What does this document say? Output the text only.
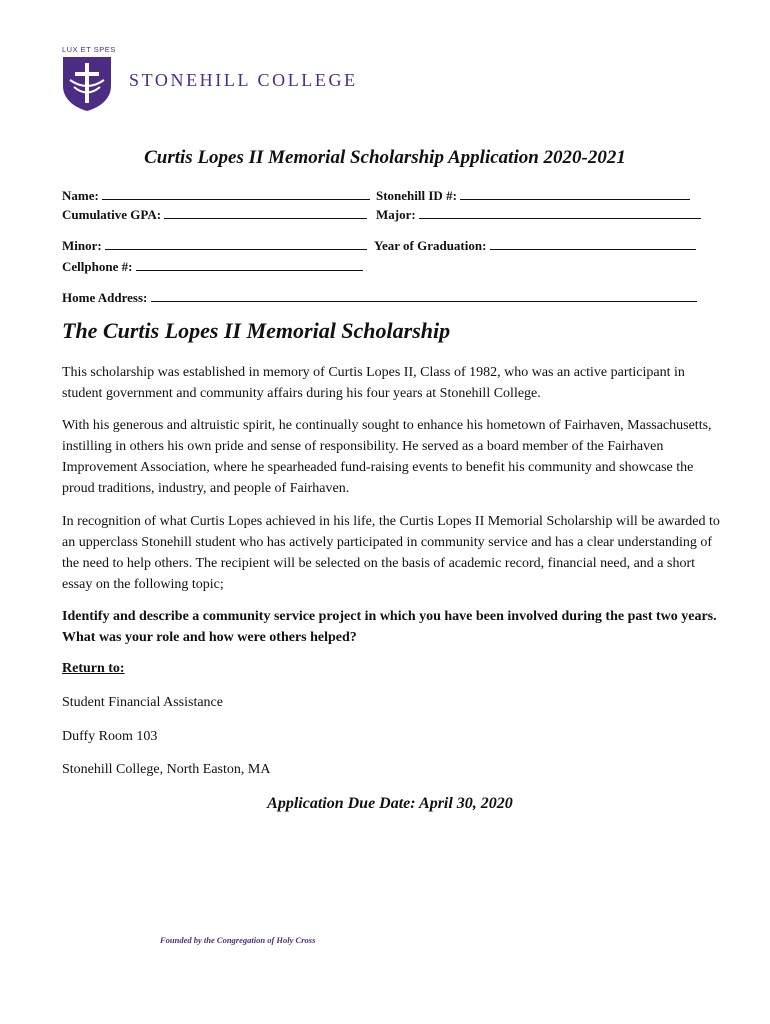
LUX ET SPES
STONEHILL COLLEGE
Curtis Lopes II Memorial Scholarship Application 2020-2021
Name:	Stonehill ID #:
Cumulative GPA:	Major:
Minor:	Year of Graduation:
Cellphone #:
Home Address:
The Curtis Lopes II Memorial Scholarship
This scholarship was established in memory of Curtis Lopes II, Class of 1982, who was an active participant in student government and community affairs during his four years at Stonehill College.
With his generous and altruistic spirit, he continually sought to enhance his hometown of Fairhaven, Massachusetts, instilling in others his own pride and sense of responsibility. He served as a board member of the Fairhaven Improvement Association, where he spearheaded fund-raising events to benefit his community and showcase the proud traditions, industry, and people of Fairhaven.
In recognition of what Curtis Lopes achieved in his life, the Curtis Lopes II Memorial Scholarship will be awarded to an upperclass Stonehill student who has actively participated in community service and has a clear understanding of the need to help others. The recipient will be selected on the basis of academic record, financial need, and a short essay on the following topic;
Identify and describe a community service project in which you have been involved during the past two years. What was your role and how were others helped?
Return to:
Student Financial Assistance
Duffy Room 103
Stonehill College, North Easton, MA
Application Due Date: April 30, 2020
Founded by the Congregation of Holy Cross
